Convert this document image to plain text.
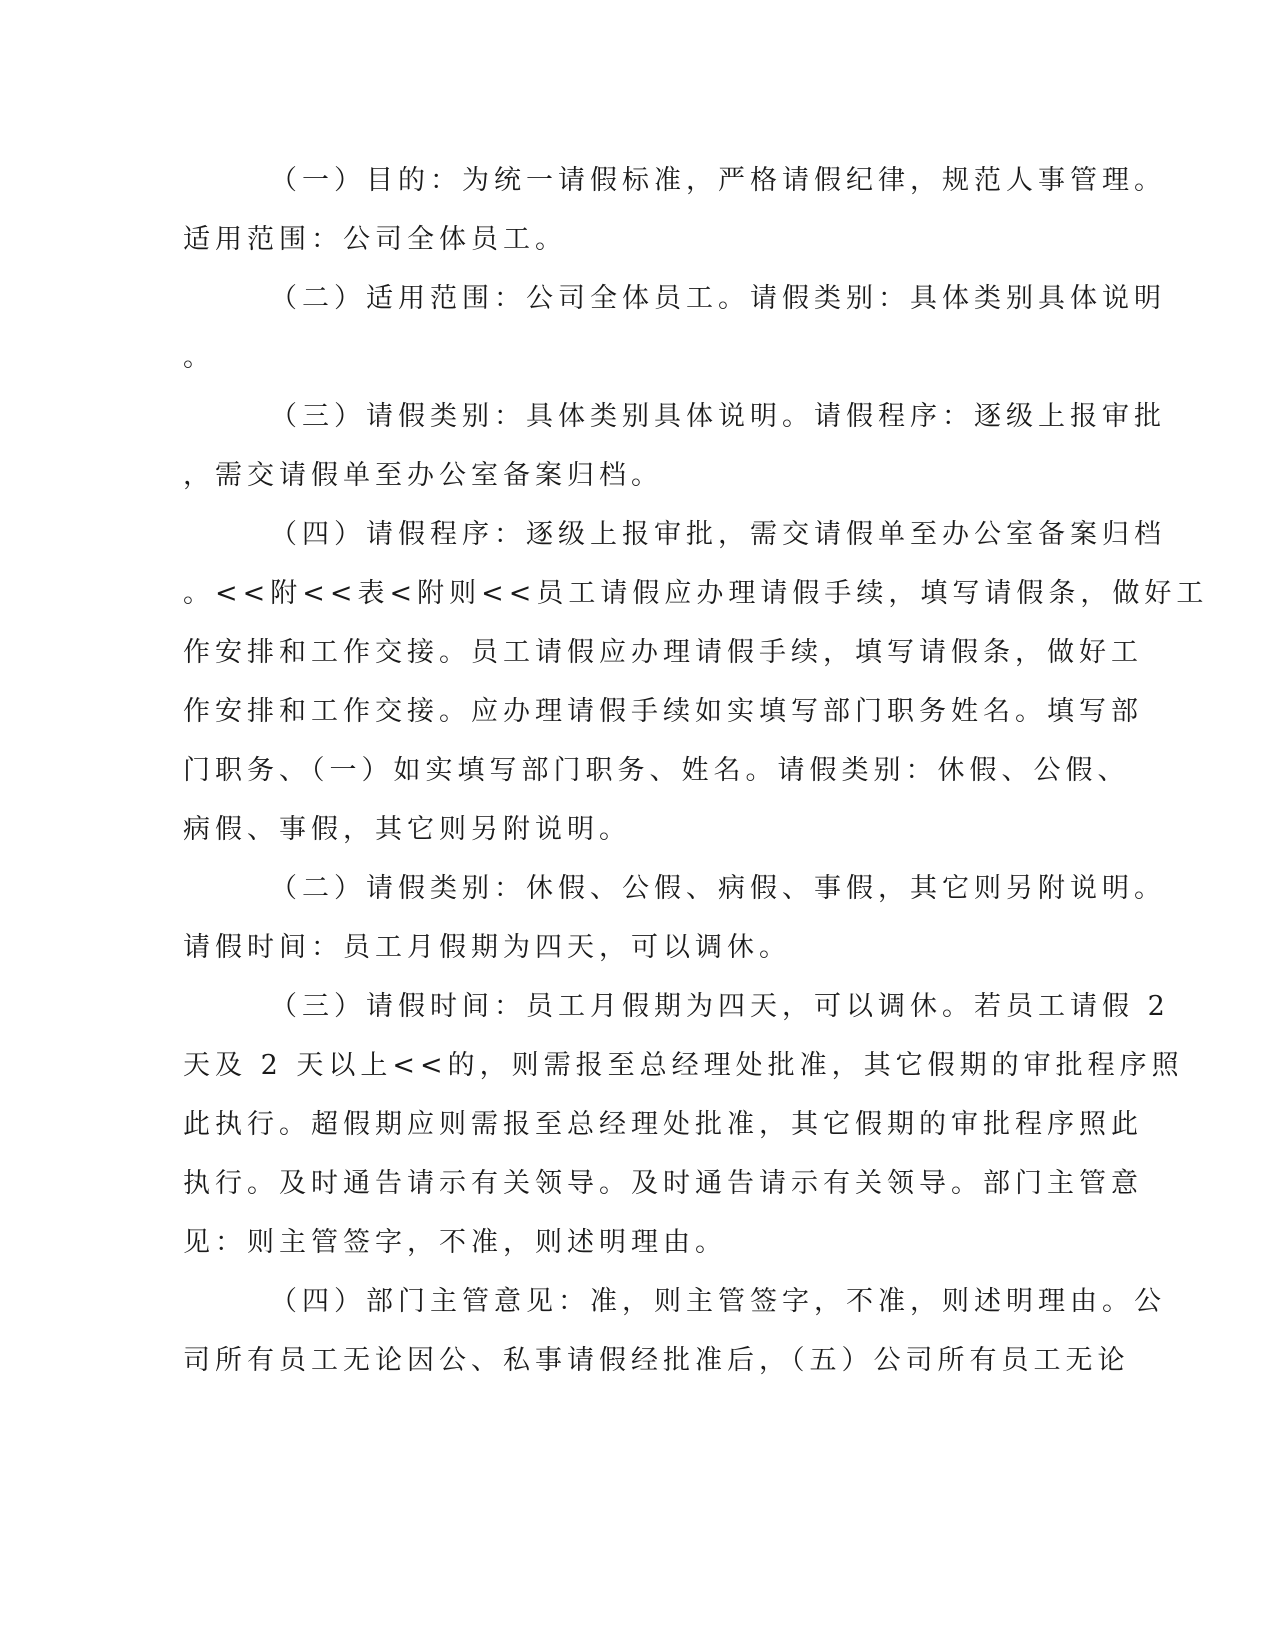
（一）目的：为统一请假标准，严格请假纪律，规范人事管理。

适用范围：公司全体员工。

（二）适用范围：公司全体员工。请假类别：具体类别具体说明

。

（三）请假类别：具体类别具体说明。请假程序：逐级上报审批

，需交请假单至办公室备案归档。

（四）请假程序：逐级上报审批，需交请假单至办公室备案归档

。<<附<<表<附则<<员工请假应办理请假手续，填写请假条，做好工

作安排和工作交接。员工请假应办理请假手续，填写请假条，做好工

作安排和工作交接。应办理请假手续如实填写部门职务姓名。填写部

门职务、（一）如实填写部门职务、姓名。请假类别：休假、公假、

病假、事假，其它则另附说明。

（二）请假类别：休假、公假、病假、事假，其它则另附说明。

请假时间：员工月假期为四天，可以调休。

（三）请假时间：员工月假期为四天，可以调休。若员工请假 2

天及 2 天以上<<的，则需报至总经理处批准，其它假期的审批程序照

此执行。超假期应则需报至总经理处批准，其它假期的审批程序照此

执行。及时通告请示有关领导。及时通告请示有关领导。部门主管意

见：则主管签字，不准，则述明理由。

（四）部门主管意见：准，则主管签字，不准，则述明理由。公

司所有员工无论因公、私事请假经批准后，（五）公司所有员工无论
